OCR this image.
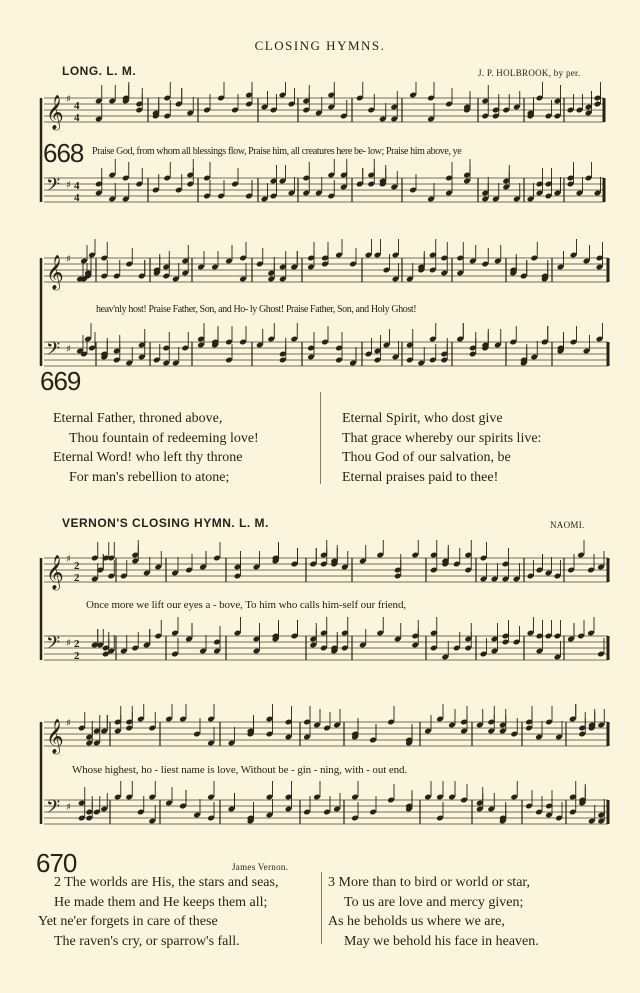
CLOSING HYMNS.
LONG. L. M.	J. P. HOLBROOK, by per.
𝄞 ♯
4
4
𝄢 ♯ 4
4
668 Praise God, from whom all blessings flow, Praise him, all creatures here be- low; Praise him above, ye
𝄞 ♯
𝄢 ♯
heav'nly host! Praise Father, Son, and Ho- ly Ghost! Praise Father, Son, and Holy Ghost!
669
Eternal Father, throned above,
Thou fountain of redeeming love!
Eternal Word! who left thy throne
For man's rebellion to atone;
Eternal Spirit, who dost give
That grace whereby our spirits live:
Thou God of our salvation, be
Eternal praises paid to thee!
VERNON'S CLOSING HYMN. L. M.	NAOMI.
𝄞 ♯
2
2
𝄢 ♯ 2
2
Once more we lift our eyes a - bove, To him who calls him-self our friend,
𝄞 ♯
𝄢 ♯
Whose highest, ho - liest name is love, Without be - gin - ning, with - out end.
670	James Vernon.
2 The worlds are His, the stars and seas,
He made them and He keeps them all;
Yet ne'er forgets in care of these
The raven's cry, or sparrow's fall.
3 More than to bird or world or star,
To us are love and mercy given;
As he beholds us where we are,
May we behold his face in heaven.
